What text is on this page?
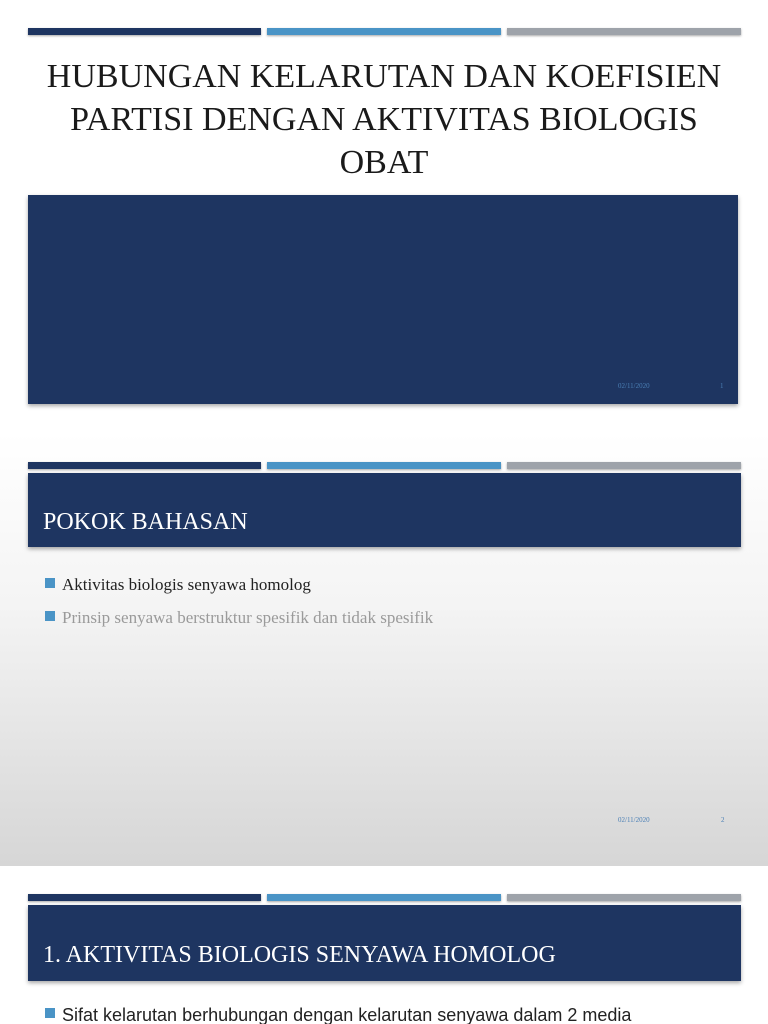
HUBUNGAN KELARUTAN DAN KOEFISIEN PARTISI DENGAN AKTIVITAS BIOLOGIS OBAT
02/11/2020	1
POKOK BAHASAN
Aktivitas biologis senyawa homolog
Prinsip senyawa berstruktur spesifik dan tidak spesifik
02/11/2020	2
1. AKTIVITAS BIOLOGIS SENYAWA HOMOLOG
Sifat kelarutan berhubungan dengan kelarutan senyawa dalam 2 media
